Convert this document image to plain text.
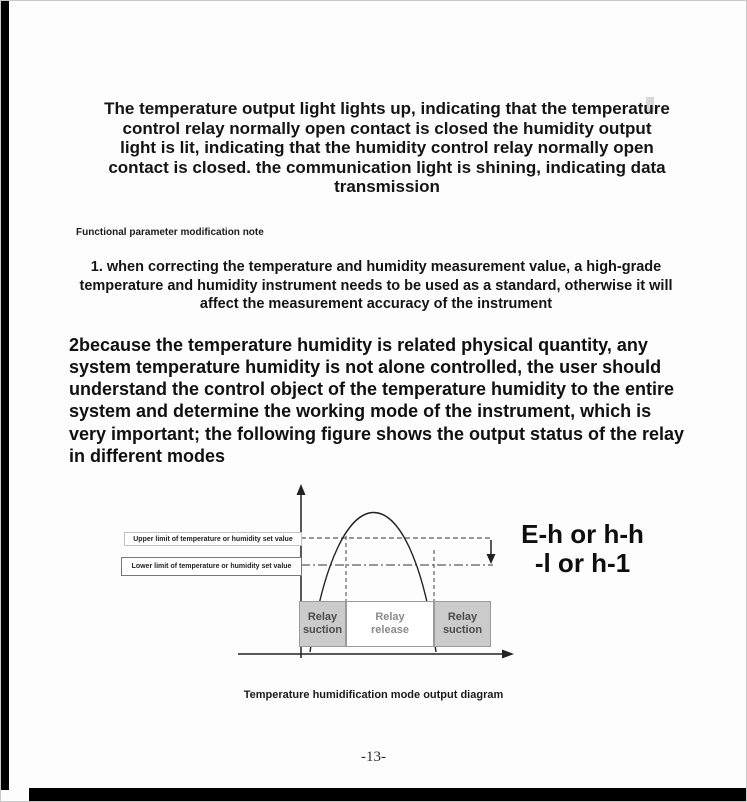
The temperature output light lights up, indicating that the temperature control relay normally open contact is closed the humidity output light is lit, indicating that the humidity control relay normally open contact is closed. the communication light is shining, indicating data transmission
Functional parameter modification note
1. when correcting the temperature and humidity measurement value, a high-grade temperature and humidity instrument needs to be used as a standard, otherwise it will affect the measurement accuracy of the instrument
2because the temperature humidity is related physical quantity, any system temperature humidity is not alone controlled, the user should understand the control object of the temperature humidity to the entire system and determine the working mode of the instrument, which is very important; the following figure shows the output status of the relay in different modes
Upper limit of temperature or humidity set value
Lower limit of temperature or humidity set value
E-h or h-h
-l or h-1
Relay suction
Relay release
Relay suction
Temperature humidification mode output diagram
-13-
